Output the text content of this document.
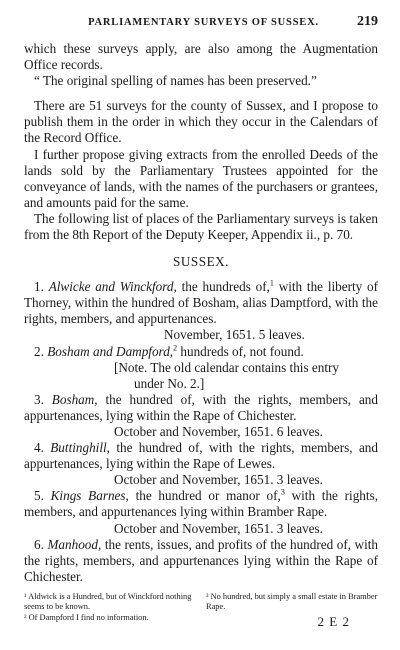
PARLIAMENTARY SURVEYS OF SUSSEX.	219

which these surveys apply, are also among the Augmentation Office records.

“ The original spelling of names has been preserved.”

There are 51 surveys for the county of Sussex, and I propose to publish them in the order in which they occur in the Calendars of the Record Office.

I further propose giving extracts from the enrolled Deeds of the lands sold by the Parliamentary Trustees appointed for the conveyance of lands, with the names of the purchasers or grantees, and amounts paid for the same.

The following list of places of the Parliamentary surveys is taken from the 8th Report of the Deputy Keeper, Appendix ii., p. 70.

SUSSEX.

1. Alwicke and Winckford, the hundreds of,$^1$ with the liberty of Thorney, within the hundred of Bosham, alias Damptford, with the rights, members, and appurtenances.

November, 1651. 5 leaves.

2. Bosham and Dampford,$^2$ hundreds of, not found.

[Note. The old calendar contains this entry
under No. 2.]

3. Bosham, the hundred of, with the rights, members, and appurtenances, lying within the Rape of Chichester.

October and November, 1651. 6 leaves.

4. Buttinghill, the hundred of, with the rights, members, and appurtenances, lying within the Rape of Lewes.

October and November, 1651. 3 leaves.

5. Kings Barnes, the hundred or manor of,$^3$ with the rights, members, and appurtenances lying within Bramber Rape.

October and November, 1651. 3 leaves.

6. Manhood, the rents, issues, and profits of the hundred of, with the rights, members, and appurtenances lying within the Rape of Chichester.

¹ Aldwick is a Hundred, but of Winckford nothing seems to be known.

² Of Dampford I find no information.

³ No hundred, but simply a small estate in Bramber Rape.

2 E 2
